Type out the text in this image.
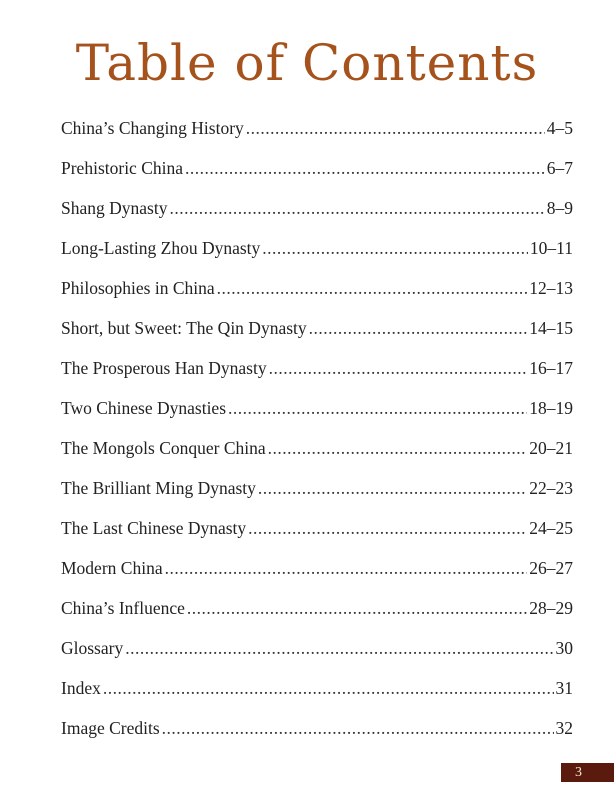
Table of Contents
China’s Changing History .....	4–5
Prehistoric China .....	6–7
Shang Dynasty .....	8–9
Long-Lasting Zhou Dynasty .....	10–11
Philosophies in China .....	12–13
Short, but Sweet: The Qin Dynasty .....	14–15
The Prosperous Han Dynasty .....	16–17
Two Chinese Dynasties .....	18–19
The Mongols Conquer China .....	20–21
The Brilliant Ming Dynasty .....	22–23
The Last Chinese Dynasty .....	24–25
Modern China .....	26–27
China’s Influence .....	28–29
Glossary .....	30
Index .....	31
Image Credits .....	32
3
